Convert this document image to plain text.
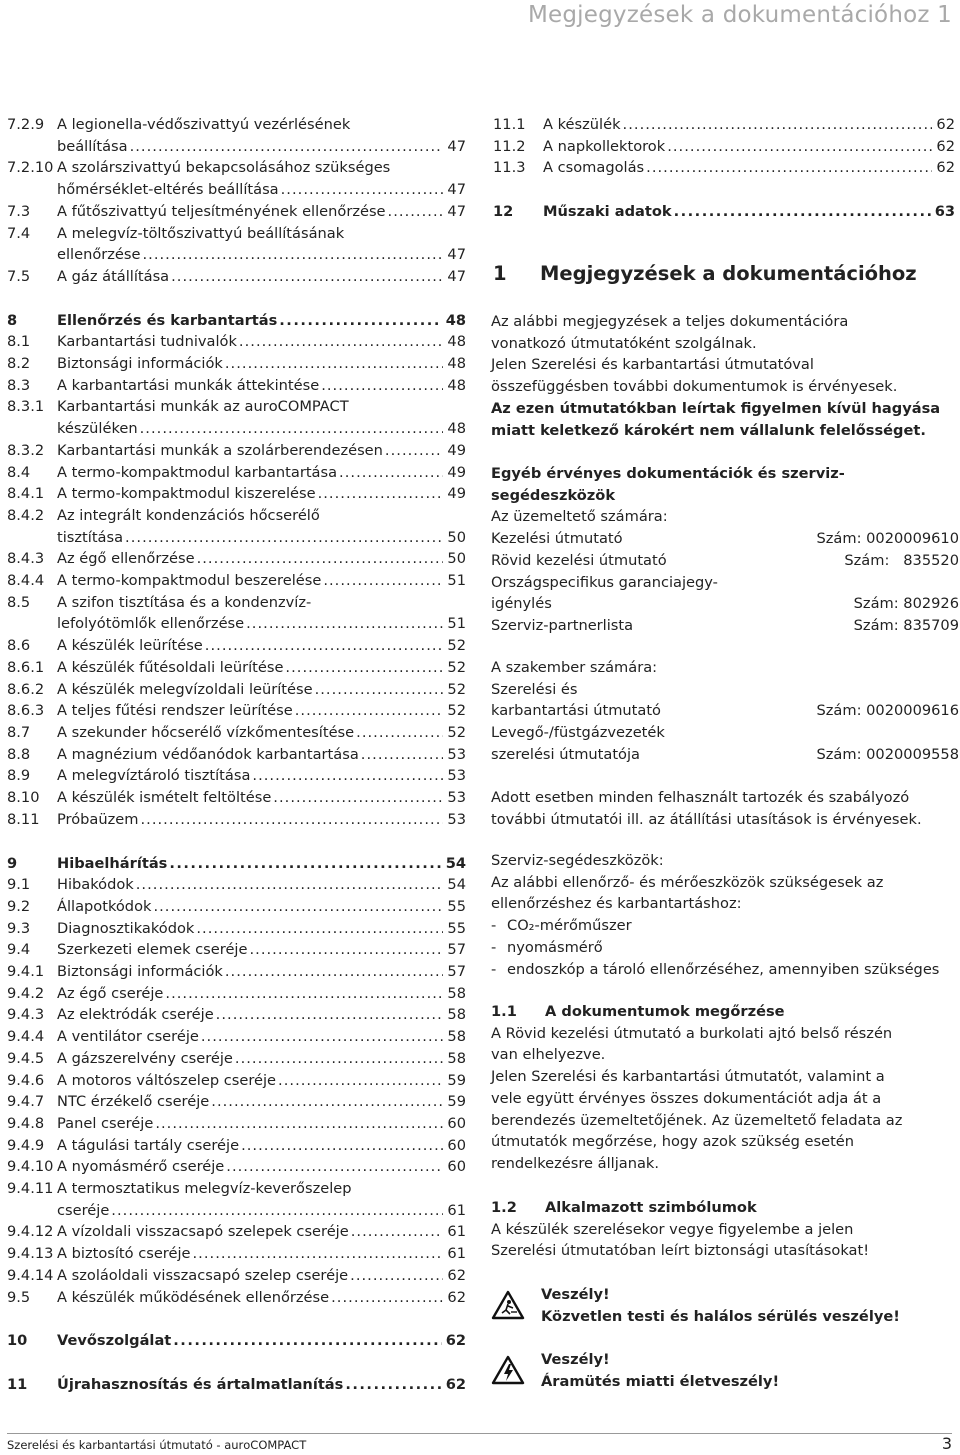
Megjegyzések a dokumentációhoz 1
7.2.9 A legionella-védőszivattyú vezérlésének
beállítása . . .	47
7.2.10 A szolárszivattyú bekapcsolásához szükséges
hőmérséklet-eltérés beállítása . . .	47
7.3	A fűtőszivattyú teljesítményének ellenőrzése . . .	47
7.4	A melegvíz-töltőszivattyú beállításának
ellenőrzése . . .	47
7.5	A gáz átállítása . . .	47
8	Ellenőrzés és karbantartás . . .	48
8.1	Karbantartási tudnivalók . . .	48
8.2	Biztonsági információk . . .	48
8.3	A karbantartási munkák áttekintése . . .	48
8.3.1 Karbantartási munkák az aurоCOMPACT
készüléken . . .	48
8.3.2 Karbantartási munkák a szolárberendezésen . . .	49
8.4	A termo-kompaktmodul karbantartása . . .	49
8.4.1 A termo-kompaktmodul kiszerelése . . .	49
8.4.2 Az integrált kondenzációs hőcserélő
tisztítása . . .	50
8.4.3 Az égő ellenőrzése . . .	50
8.4.4 A termo-kompaktmodul beszerelése . . .	51
8.5	A szifon tisztítása és a kondenzvíz-
lefolyótömlők ellenőrzése . . .	51
8.6	A készülék leürítése . . .	52
8.6.1 A készülék fűtésoldali leürítése . . .	52
8.6.2 A készülék melegvízoldali leürítése . . .	52
8.6.3 A teljes fűtési rendszer leürítése . . .	52
8.7	A szekunder hőcserélő vízkőmentesítése . . .	52
8.8	A magnézium védőanódok karbantartása . . .	53
8.9	A melegvíztároló tisztítása . . .	53
8.10	A készülék ismételt feltöltése . . .	53
8.11	Próbaüzem . . .	53
9	Hibaelhárítás . . .	54
9.1	Hibakódok . . .	54
9.2	Állapotkódok . . .	55
9.3	Diagnosztikakódok . . .	55
9.4	Szerkezeti elemek cseréje . . .	57
9.4.1 Biztonsági információk . . .	57
9.4.2 Az égő cseréje . . .	58
9.4.3 Az elektródák cseréje . . .	58
9.4.4 A ventilátor cseréje . . .	58
9.4.5 A gázszerelvény cseréje . . .	58
9.4.6 A motoros váltószelep cseréje . . .	59
9.4.7 NTC érzékelő cseréje . . .	59
9.4.8 Panel cseréje . . .	60
9.4.9 A tágulási tartály cseréje . . .	60
9.4.10 A nyomásmérő cseréje . . .	60
9.4.11 A termosztatikus melegvíz-keverőszelep
cseréje . . .	61
9.4.12 A vízoldali visszacsapó szelepek cseréje . . .	61
9.4.13 A biztosító cseréje . . .	61
9.4.14 A szoláoldali visszacsapó szelep cseréje . . .	62
9.5	A készülék működésének ellenőrzése . . .	62
10	Vevőszolgálat . . .	62
11	Újrahasznosítás és ártalmatlanítás . . .	62
11.1	A készülék . . .	62
11.2	A napkollektorok . . .	62
11.3	A csomagolás . . .	62
12	Műszaki adatok . . .	63
1 Megjegyzések a dokumentációhoz

Az alábbi megjegyzések a teljes dokumentációra

vonatkozó útmutatóként szolgálnak.

Jelen Szerelési és karbantartási útmutatóval

összefüggésben további dokumentumok is érvényesek.

Az ezen útmutatókban leírtak figyelmen kívül hagyása

miatt keletkező károkért nem vállalunk felelősséget.

Egyéb érvényes dokumentációk és szerviz-

segédeszközök

Az üzemeltető számára:

Kezelési útmutató	Szám: 0020009610
Rövid kezelési útmutató	Szám:   835520
Országspecifikus garanciajegy-
igénylés	Szám: 802926
Szerviz-partnerlista	Szám: 835709

A szakember számára:

Szerelési és
karbantartási útmutató	Szám: 0020009616
Levegő-/füstgázvezeték
szerelési útmutatója	Szám: 0020009558

Adott esetben minden felhasznált tartozék és szabályozó

további útmutatói ill. az átállítási utasítások is érvényesek.

Szerviz-segédeszközök:

Az alábbi ellenőrző- és mérőeszközök szükségesek az

ellenőrzéshez és karbantartáshoz:

- CO₂-mérőműszer
- nyomásmérő
- endoszkóp a tároló ellenőrzéséhez, amennyiben szükséges
1.1	A dokumentumok megőrzése

A Rövid kezelési útmutató a burkolati ajtó belső részén

van elhelyezve.

Jelen Szerelési és karbantartási útmutatót, valamint a

vele együtt érvényes összes dokumentációt adja át a

berendezés üzemeltetőjének. Az üzemeltető feladata az

útmutatók megőrzése, hogy azok szükség esetén

rendelkezésre álljanak.

1.2	Alkalmazott szimbólumok

A készülék szerelésekor vegye figyelembe a jelen

Szerelési útmutatóban leírt biztonsági utasításokat!

Veszély!
Közvetlen testi és halálos sérülés veszélye!
Veszély!
Áramütés miatti életveszély!
Szerelési és karbantartási útmutató - aurоCOMPACT	3
